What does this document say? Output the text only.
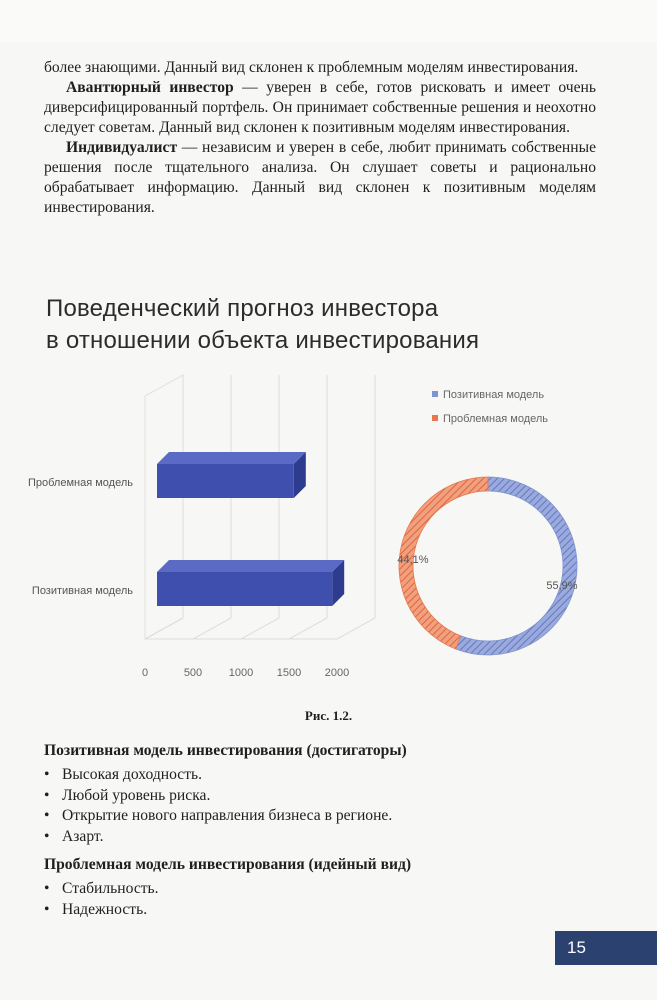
более знающими. Данный вид склонен к проблемным моделям инвестирования.

Авантюрный инвестор — уверен в себе, готов рисковать и имеет очень диверсифицированный портфель. Он принимает собственные решения и неохотно следует советам. Данный вид склонен к позитивным моделям инвестирования.

Индивидуалист — независим и уверен в себе, любит принимать собственные решения после тщательного анализа. Он слушает советы и рационально обрабатывает информацию. Данный вид склонен к позитивным моделям инвестирования.

Поведенческий прогноз инвестора
в отношении объекта инвестирования
0	500 1000 1500 2000
Проблемная модель
Позитивная модель	55,9%
44,1%
Позитивная модель
Проблемная модель
Рис. 1.2.
Позитивная модель инвестирования (достигаторы)
• Высокая доходность.
• Любой уровень риска.
• Открытие нового направления бизнеса в регионе.
• Азарт.
Проблемная модель инвестирования (идейный вид)
• Стабильность.
• Надежность.
15
